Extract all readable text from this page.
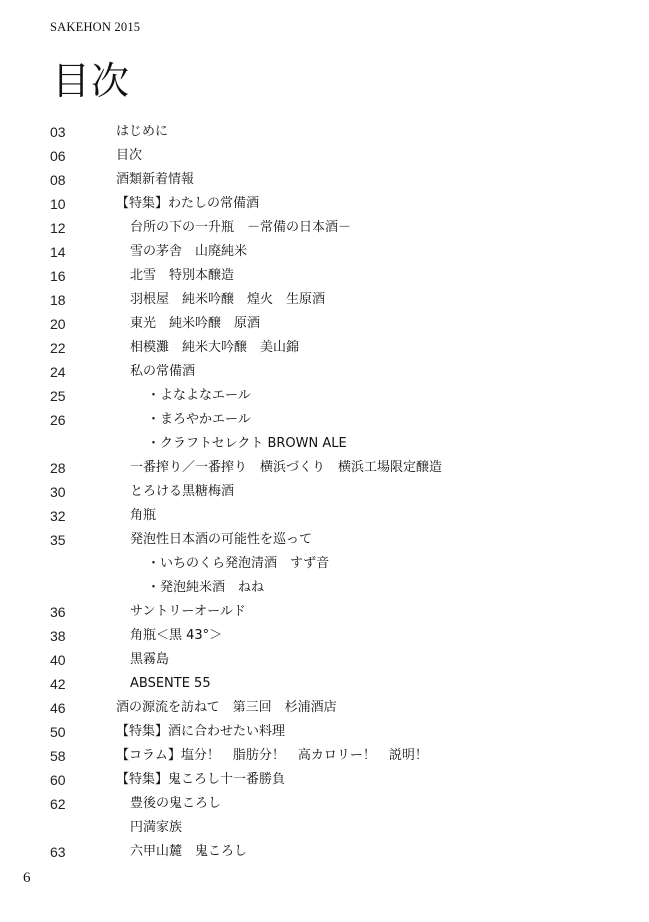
SAKEHON 2015
目次
03	はじめに
06	目次
08	酒類新着情報
10	【特集】わたしの常備酒
12	台所の下の一升瓶　－常備の日本酒－
14	雪の茅舎　山廃純米
16	北雪　特別本醸造
18	羽根屋　純米吟醸　煌火　生原酒
20	東光　純米吟醸　原酒
22	相模灘　純米大吟醸　美山錦
24	私の常備酒
25	・よなよなエール
26	・まろやかエール
・クラフトセレクト BROWN ALE
28	一番搾り／一番搾り　横浜づくり　横浜工場限定醸造
30	とろける黒糖梅酒
32	角瓶
35	発泡性日本酒の可能性を巡って
・いちのくら発泡清酒　すず音
・発泡純米酒　ねね
36	サントリーオールド
38	角瓶＜黒 43°＞
40	黒霧島
42	ABSENTE 55
46	酒の源流を訪ねて　第三回　杉浦酒店
50	【特集】酒に合わせたい料理
58	【コラム】塩分！　脂肪分！　高カロリー！　説明！
60	【特集】鬼ころし十一番勝負
62	豊後の鬼ころし
円満家族
63	六甲山麓　鬼ころし
6
